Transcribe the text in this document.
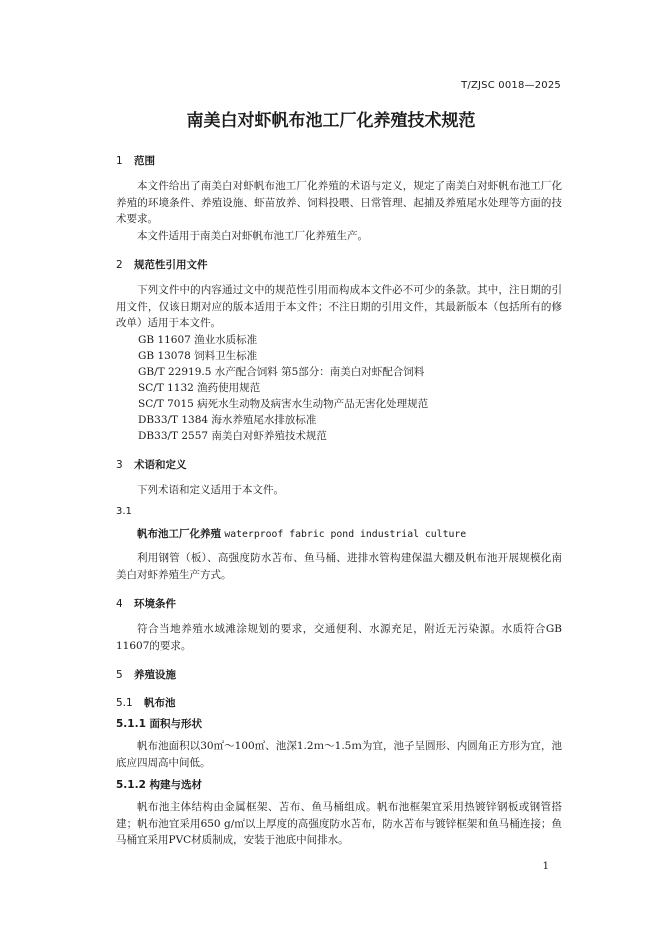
T/ZJSC 0018—2025
南美白对虾帆布池工厂化养殖技术规范
1 范围

本文件给出了南美白对虾帆布池工厂化养殖的术语与定义，规定了南美白对虾帆布池工厂化养殖的环境条件、养殖设施、虾苗放养、饲料投喂、日常管理、起捕及养殖尾水处理等方面的技术要求。

本文件适用于南美白对虾帆布池工厂化养殖生产。

2 规范性引用文件

下列文件中的内容通过文中的规范性引用而构成本文件必不可少的条款。其中，注日期的引用文件，仅该日期对应的版本适用于本文件；不注日期的引用文件，其最新版本（包括所有的修改单）适用于本文件。

GB 11607 渔业水质标准
GB 13078 饲料卫生标准
GB/T 22919.5 水产配合饲料 第5部分：南美白对虾配合饲料
SC/T 1132 渔药使用规范
SC/T 7015 病死水生动物及病害水生动物产品无害化处理规范
DB33/T 1384 海水养殖尾水排放标准
DB33/T 2557 南美白对虾养殖技术规范
3 术语和定义

下列术语和定义适用于本文件。

3.1
帆布池工厂化养殖 waterproof fabric pond industrial culture

利用钢管（板）、高强度防水苫布、鱼马桶、进排水管构建保温大棚及帆布池开展规模化南美白对虾养殖生产方式。

4 环境条件

符合当地养殖水域滩涂规划的要求，交通便利、水源充足，附近无污染源。水质符合GB 11607的要求。

5 养殖设施
5.1 帆布池
5.1.1 面积与形状

帆布池面积以30㎡～100㎡、池深1.2ｍ～1.5ｍ为宜，池子呈圆形、内圆角正方形为宜，池底应四周高中间低。

5.1.2 构建与选材

帆布池主体结构由金属框架、苫布、鱼马桶组成。帆布池框架宜采用热镀锌钢板或钢管搭建；帆布池宜采用650 g/㎡以上厚度的高强度防水苫布，防水苫布与镀锌框架和鱼马桶连接；鱼马桶宜采用PVC材质制成，安装于池底中间排水。

1
